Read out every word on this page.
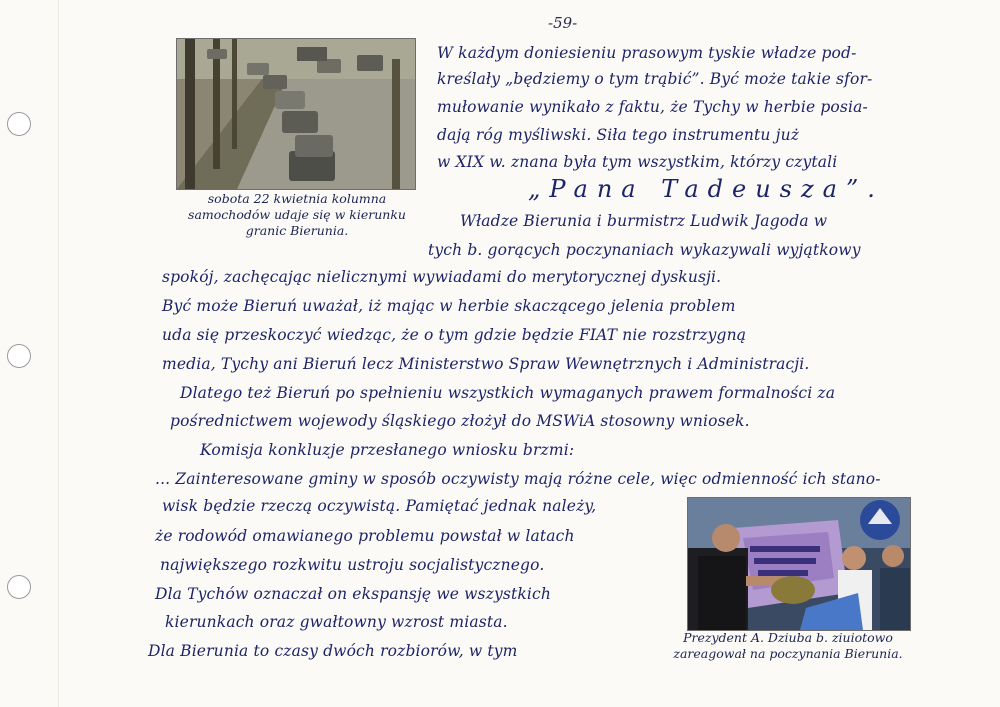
-59-
sobota 22 kwietnia kolumna
samochodów udaje się w kierunku
granic Bierunia.
W każdym doniesieniu prasowym tyskie władze pod-
kreślały „będziemy o tym trąbić”. Być może takie sfor-
mułowanie wynikało z faktu, że Tychy w herbie posia-
dają róg myśliwski. Siła tego instrumentu już
w XIX w. znana była tym wszystkim, którzy czytali
„Pana Tadeusza”.
Władze Bierunia i burmistrz Ludwik Jagoda w
tych b. gorących poczynaniach wykazywali wyjątkowy
spokój, zachęcając nielicznymi wywiadami do merytorycznej dyskusji.
Być może Bieruń uważał, iż mając w herbie skaczącego jelenia problem
uda się przeskoczyć wiedząc, że o tym gdzie będzie FIAT nie rozstrzygną
media, Tychy ani Bieruń lecz Ministerstwo Spraw Wewnętrznych i Administracji.
Dlatego też Bieruń po spełnieniu wszystkich wymaganych prawem formalności za
pośrednictwem wojewody śląskiego złożył do MSWiA stosowny wniosek.
Komisja konkluzje przesłanego wniosku brzmi:
... Zainteresowane gminy w sposób oczywisty mają różne cele, więc odmienność ich stano-
wisk będzie rzeczą oczywistą. Pamiętać jednak należy,
że rodowód omawianego problemu powstał w latach
największego rozkwitu ustroju socjalistycznego.
Dla Tychów oznaczał on ekspansję we wszystkich
kierunkach oraz gwałtowny wzrost miasta.
Dla Bierunia to czasy dwóch rozbiorów, w tym
Prezydent A. Dziuba b. ziuiotowo
zareagował na poczynania Bierunia.
